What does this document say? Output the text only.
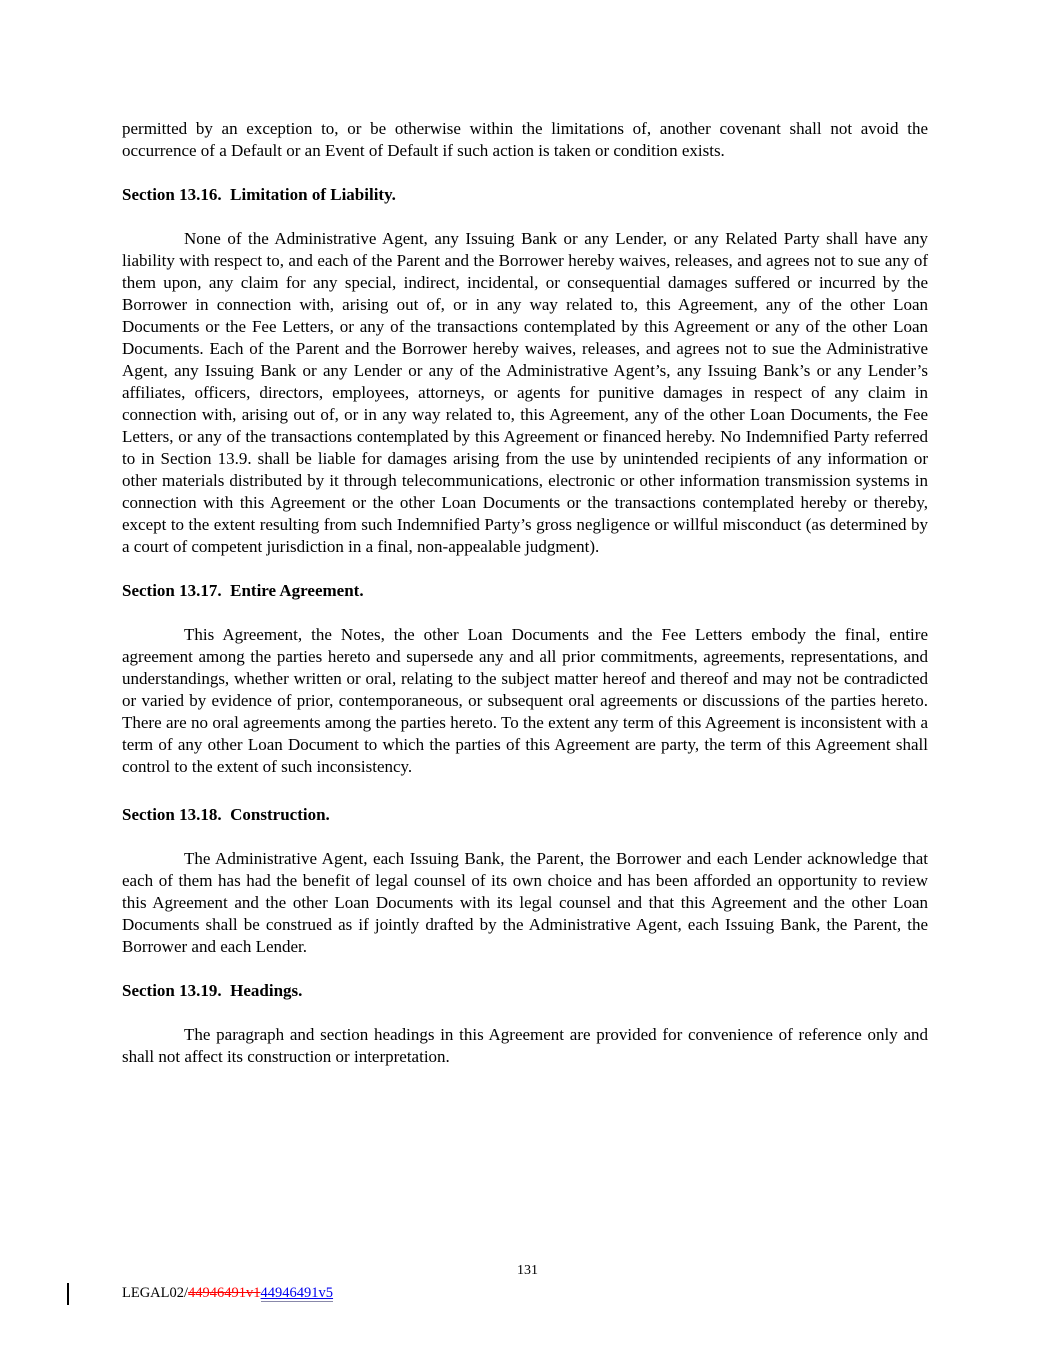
permitted by an exception to, or be otherwise within the limitations of, another covenant shall not avoid the occurrence of a Default or an Event of Default if such action is taken or condition exists.

Section 13.16.  Limitation of Liability.

None of the Administrative Agent, any Issuing Bank or any Lender, or any Related Party shall have any liability with respect to, and each of the Parent and the Borrower hereby waives, releases, and agrees not to sue any of them upon, any claim for any special, indirect, incidental, or consequential damages suffered or incurred by the Borrower in connection with, arising out of, or in any way related to, this Agreement, any of the other Loan Documents or the Fee Letters, or any of the transactions contemplated by this Agreement or any of the other Loan Documents. Each of the Parent and the Borrower hereby waives, releases, and agrees not to sue the Administrative Agent, any Issuing Bank or any Lender or any of the Administrative Agent’s, any Issuing Bank’s or any Lender’s affiliates, officers, directors, employees, attorneys, or agents for punitive damages in respect of any claim in connection with, arising out of, or in any way related to, this Agreement, any of the other Loan Documents, the Fee Letters, or any of the transactions contemplated by this Agreement or financed hereby. No Indemnified Party referred to in Section 13.9. shall be liable for damages arising from the use by unintended recipients of any information or other materials distributed by it through telecommunications, electronic or other information transmission systems in connection with this Agreement or the other Loan Documents or the transactions contemplated hereby or thereby, except to the extent resulting from such Indemnified Party’s gross negligence or willful misconduct (as determined by a court of competent jurisdiction in a final, non-appealable judgment).

Section 13.17.  Entire Agreement.

This Agreement, the Notes, the other Loan Documents and the Fee Letters embody the final, entire agreement among the parties hereto and supersede any and all prior commitments, agreements, representations, and understandings, whether written or oral, relating to the subject matter hereof and thereof and may not be contradicted or varied by evidence of prior, contemporaneous, or subsequent oral agreements or discussions of the parties hereto. There are no oral agreements among the parties hereto. To the extent any term of this Agreement is inconsistent with a term of any other Loan Document to which the parties of this Agreement are party, the term of this Agreement shall control to the extent of such inconsistency.

Section 13.18.  Construction.

The Administrative Agent, each Issuing Bank, the Parent, the Borrower and each Lender acknowledge that each of them has had the benefit of legal counsel of its own choice and has been afforded an opportunity to review this Agreement and the other Loan Documents with its legal counsel and that this Agreement and the other Loan Documents shall be construed as if jointly drafted by the Administrative Agent, each Issuing Bank, the Parent, the Borrower and each Lender.

Section 13.19.  Headings.

The paragraph and section headings in this Agreement are provided for convenience of reference only and shall not affect its construction or interpretation.

131
LEGAL02/44946491v144946491v5
